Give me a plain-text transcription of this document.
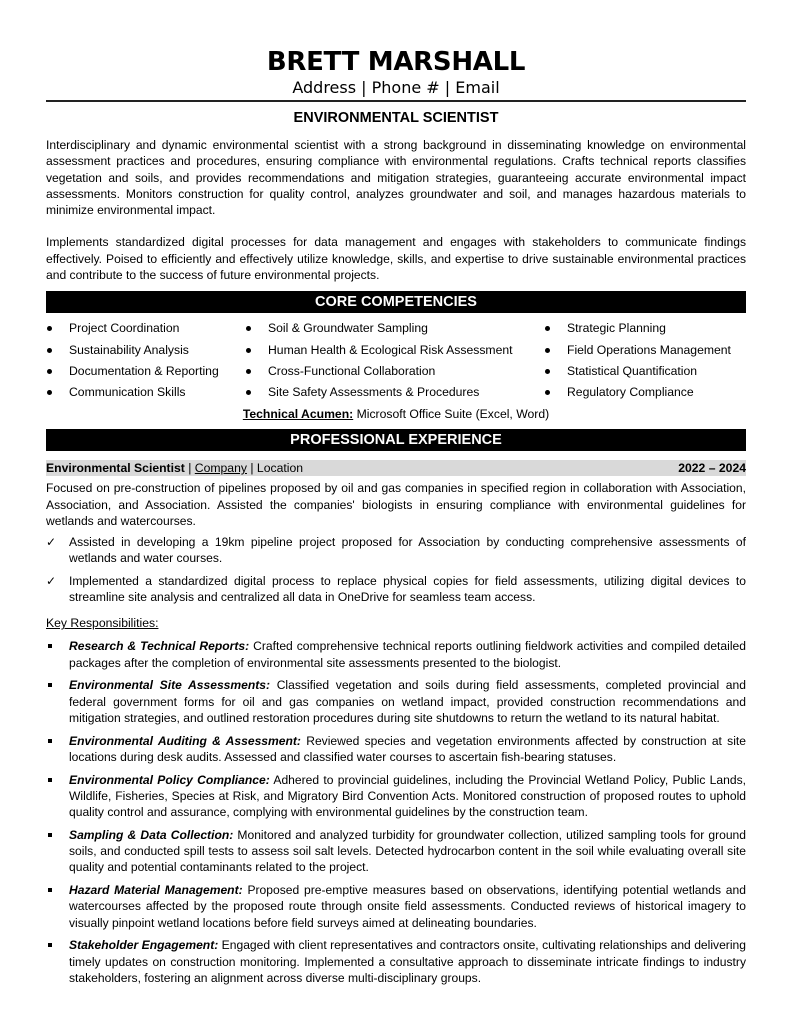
BRETT MARSHALL
Address | Phone # | Email
ENVIRONMENTAL SCIENTIST

Interdisciplinary and dynamic environmental scientist with a strong background in disseminating knowledge on environmental assessment practices and procedures, ensuring compliance with environmental regulations. Crafts technical reports classifies vegetation and soils, and provides recommendations and mitigation strategies, guaranteeing accurate environmental impact assessments. Monitors construction for quality control, analyzes groundwater and soil, and manages hazardous materials to minimize environmental impact.

Implements standardized digital processes for data management and engages with stakeholders to communicate findings effectively. Poised to efficiently and effectively utilize knowledge, skills, and expertise to drive sustainable environmental practices and contribute to the success of future environmental projects.

CORE COMPETENCIES
Project Coordination	Soil & Groundwater Sampling	Strategic Planning
Sustainability Analysis	Human Health & Ecological Risk Assessment	Field Operations Management
Documentation & Reporting	Cross-Functional Collaboration	Statistical Quantification
Communication Skills	Site Safety Assessments & Procedures	Regulatory Compliance
Technical Acumen: Microsoft Office Suite (Excel, Word)
PROFESSIONAL EXPERIENCE
Environmental Scientist | Company | Location	2022 – 2024

Focused on pre-construction of pipelines proposed by oil and gas companies in specified region in collaboration with Association, Association, and Association. Assisted the companies' biologists in ensuring compliance with environmental guidelines for wetlands and watercourses.

✓ Assisted in developing a 19km pipeline project proposed for Association by conducting comprehensive assessments of wetlands and water courses.
✓ Implemented a standardized digital process to replace physical copies for field assessments, utilizing digital devices to streamline site analysis and centralized all data in OneDrive for seamless team access.
Key Responsibilities:
Research & Technical Reports: Crafted comprehensive technical reports outlining fieldwork activities and compiled detailed packages after the completion of environmental site assessments presented to the biologist.
Environmental Site Assessments: Classified vegetation and soils during field assessments, completed provincial and federal government forms for oil and gas companies on wetland impact, provided construction recommendations and mitigation strategies, and outlined restoration procedures during site shutdowns to return the wetland to its natural habitat.
Environmental Auditing & Assessment: Reviewed species and vegetation environments affected by construction at site locations during desk audits. Assessed and classified water courses to ascertain fish-bearing statuses.
Environmental Policy Compliance: Adhered to provincial guidelines, including the Provincial Wetland Policy, Public Lands, Wildlife, Fisheries, Species at Risk, and Migratory Bird Convention Acts. Monitored construction of proposed routes to uphold quality control and assurance, complying with environmental guidelines by the construction team.
Sampling & Data Collection: Monitored and analyzed turbidity for groundwater collection, utilized sampling tools for ground soils, and conducted spill tests to assess soil salt levels. Detected hydrocarbon content in the soil while evaluating overall site quality and potential contaminants related to the project.
Hazard Material Management: Proposed pre-emptive measures based on observations, identifying potential wetlands and watercourses affected by the proposed route through onsite field assessments. Conducted reviews of historical imagery to visually pinpoint wetland locations before field surveys aimed at delineating boundaries.
Stakeholder Engagement: Engaged with client representatives and contractors onsite, cultivating relationships and delivering timely updates on construction monitoring. Implemented a consultative approach to disseminate intricate findings to industry stakeholders, fostering an alignment across diverse multi-disciplinary groups.
